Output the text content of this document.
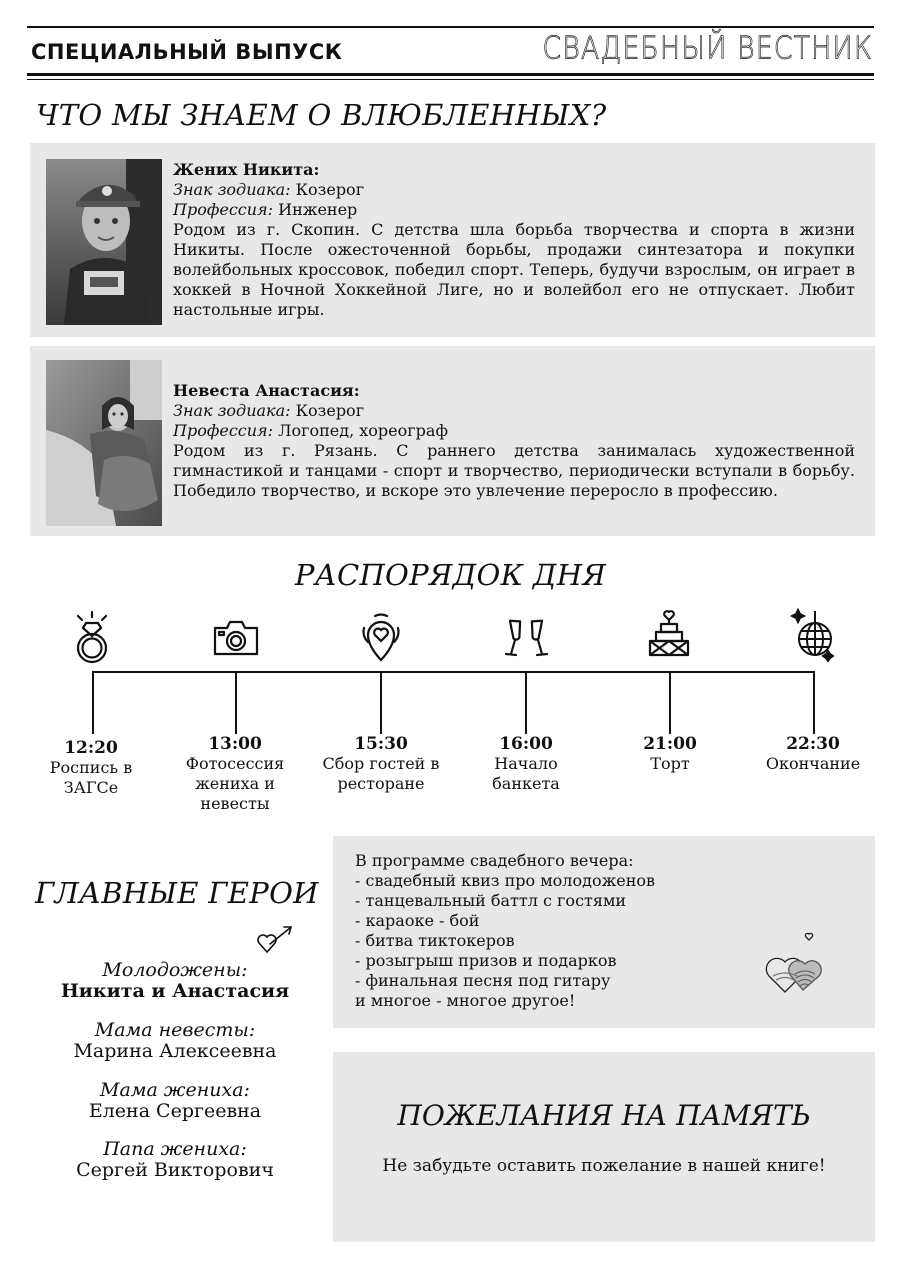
СПЕЦИАЛЬНЫЙ ВЫПУСК	СВАДЕБНЫЙ ВЕСТНИК
ЧТО МЫ ЗНАЕМ О ВЛЮБЛЕННЫХ?
Жених Никита:
Знак зодиака: Козерог
Профессия: Инженер
Родом из г. Скопин. С детства шла борьба творчества и спорта в жизни Никиты. После ожесточенной борьбы, продажи синтезатора и покупки волейбольных кроссовок, победил спорт. Теперь, будучи взрослым, он играет в хоккей в Ночной Хоккейной Лиге, но и волейбол его не отпускает. Любит настольные игры.
Невеста Анастасия:
Знак зодиака: Козерог
Профессия: Логопед, хореограф
Родом из г. Рязань. С раннего детства занималась художественной гимнастикой и танцами - спорт и творчество, периодически вступали в борьбу. Победило творчество, и вскоре это увлечение переросло в профессию.
РАСПОРЯДОК ДНЯ
12:20
Роспись в
ЗАГСе
13:00
Фотосессия
жениха и
невесты
15:30
Сбор гостей в
ресторане
16:00
Начало
банкета
21:00
Торт
22:30
Окончание
ГЛАВНЫЕ ГЕРОИ
Молодожены:
Никита и Анастасия
Мама невесты:
Марина Алексеевна
Мама жениха:
Елена Сергеевна
Папа жениха:
Сергей Викторович
В программе свадебного вечера:
- свадебный квиз про молодоженов
- танцевальный баттл с гостями
- караоке - бой
- битва тиктокеров
- розыгрыш призов и подарков
- финальная песня под гитару
и многое - многое другое!
ПОЖЕЛАНИЯ НА ПАМЯТЬ
Не забудьте оставить пожелание в нашей книге!
